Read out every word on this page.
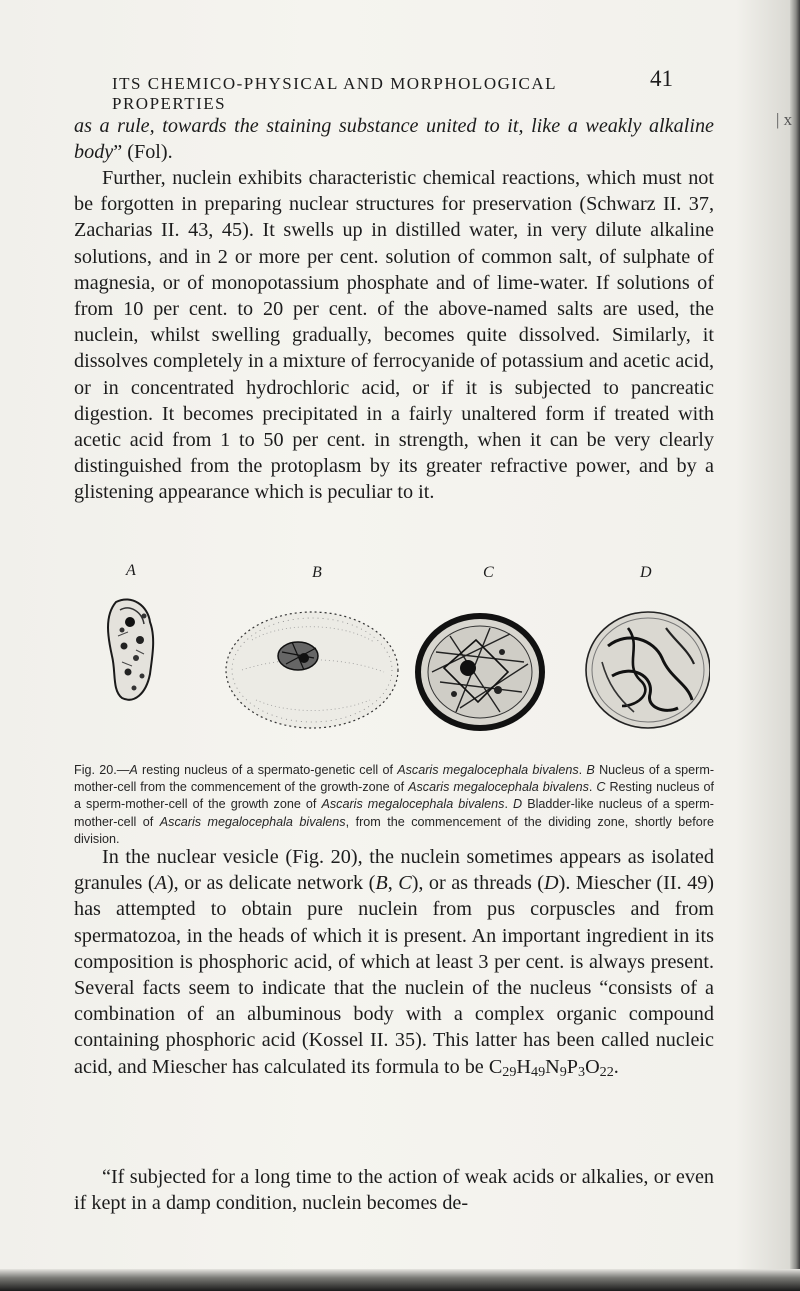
ITS CHEMICO-PHYSICAL AND MORPHOLOGICAL PROPERTIES
41
| x

as a rule, towards the staining substance united to it, like a weakly alkaline body” (Fol).

Further, nuclein exhibits characteristic chemical reactions, which must not be forgotten in preparing nuclear structures for preservation (Schwarz II. 37, Zacharias II. 43, 45). It swells up in distilled water, in very dilute alkaline solutions, and in 2 or more per cent. solution of common salt, of sulphate of magnesia, or of monopotassium phosphate and of lime-water. If solutions of from 10 per cent. to 20 per cent. of the above-named salts are used, the nuclein, whilst swelling gradually, becomes quite dissolved. Similarly, it dissolves completely in a mixture of ferrocyanide of potassium and acetic acid, or in concentrated hydrochloric acid, or if it is subjected to pancreatic digestion. It becomes precipitated in a fairly unaltered form if treated with acetic acid from 1 to 50 per cent. in strength, when it can be very clearly distinguished from the protoplasm by its greater refractive power, and by a glistening appearance which is peculiar to it.

A	B	C	D

Fig. 20.—A resting nucleus of a spermato-genetic cell of Ascaris megalocephala bivalens. B Nucleus of a sperm-mother-cell from the commencement of the growth-zone of Ascaris megalocephala bivalens. C Resting nucleus of a sperm-mother-cell of the growth zone of Ascaris megalocephala bivalens. D Bladder-like nucleus of a sperm-mother-cell of Ascaris megalocephala bivalens, from the commencement of the dividing zone, shortly before division.

In the nuclear vesicle (Fig. 20), the nuclein sometimes appears as isolated granules (A), or as delicate network (B, C), or as threads (D). Miescher (II. 49) has attempted to obtain pure nuclein from pus corpuscles and from spermatozoa, in the heads of which it is present. An important ingredient in its composition is phosphoric acid, of which at least 3 per cent. is always present. Several facts seem to indicate that the nuclein of the nucleus “consists of a combination of an albuminous body with a complex organic compound containing phosphoric acid (Kossel II. 35). This latter has been called nucleic acid, and Miescher has calculated its formula to be $C_{29}H_{49}N_9P_3O_{22}$.

“If subjected for a long time to the action of weak acids or alkalies, or even if kept in a damp condition, nuclein becomes de-
